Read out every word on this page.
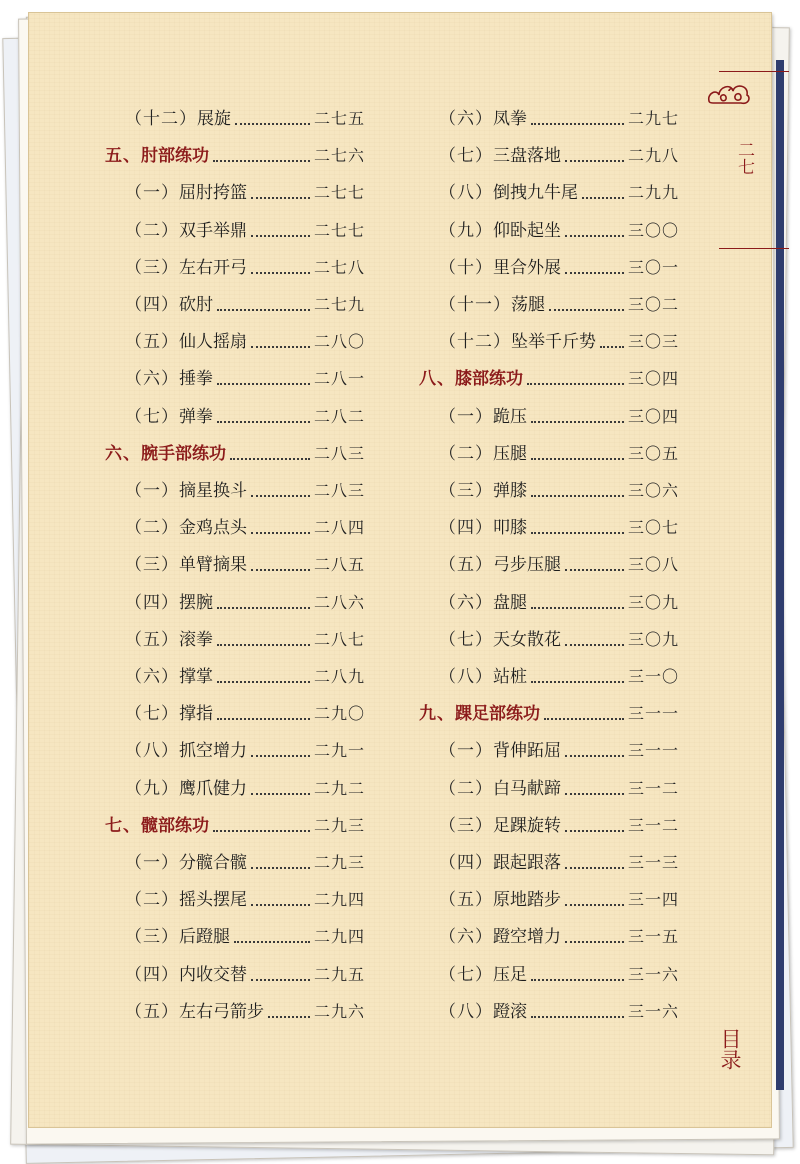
（十二） 展旋	二七五
五、 肘部练功	二七六
（一） 屈肘挎篮	二七七
（二） 双手举鼎	二七七
（三） 左右开弓	二七八
（四） 砍肘	二七九
（五） 仙人摇扇	二八〇
（六） 捶拳	二八一
（七） 弹拳	二八二
六、 腕手部练功	二八三
（一） 摘星换斗	二八三
（二） 金鸡点头	二八四
（三） 单臂摘果	二八五
（四） 摆腕	二八六
（五） 滚拳	二八七
（六） 撑掌	二八九
（七） 撑指	二九〇
（八） 抓空增力	二九一
（九） 鹰爪健力	二九二
七、 髋部练功	二九三
（一） 分髋合髋	二九三
（二） 摇头摆尾	二九四
（三） 后蹬腿	二九四
（四） 内收交替	二九五
（五） 左右弓箭步	二九六
（六） 凤拳	二九七
（七） 三盘落地	二九八
（八） 倒拽九牛尾	二九九
（九） 仰卧起坐	三〇〇
（十） 里合外展	三〇一
（十一） 荡腿	三〇二
（十二） 坠举千斤势 三〇三
八、 膝部练功	三〇四
（一） 跪压	三〇四
（二） 压腿	三〇五
（三） 弹膝	三〇六
（四） 叩膝	三〇七
（五） 弓步压腿	三〇八
（六） 盘腿	三〇九
（七） 天女散花	三〇九
（八） 站桩	三一〇
九、 踝足部练功	三一一
（一） 背伸跖屈	三一一
（二） 白马献蹄	三一二
（三） 足踝旋转	三一二
（四） 跟起跟落	三一三
（五） 原地踏步	三一四
（六） 蹬空增力	三一五
（七） 压足	三一六
（八） 蹬滚	三一六
二七
目录
